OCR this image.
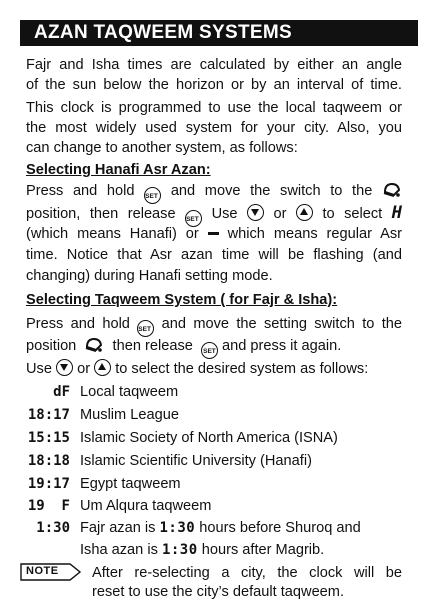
AZAN TAQWEEM SYSTEMS
Fajr and Isha times are calculated by either an angle
of the sun below the horizon or by an interval of time.
This clock is programmed to use the local taqweem or
the most widely used system for your city. Also, you
can change to another system, as follows:
Selecting Hanafi Asr Azan:
Press and hold SET and move the switch to the
position, then release SET Use or to select H
(which means Hanafi) or which means regular Asr
time. Notice that Asr azan time will be flashing (and
changing) during Hanafi setting mode.
Selecting Taqweem System ( for Fajr & Isha):
Press and hold SET and move the setting switch to the
position then release SET and press it again.
Use or to select the desired system as follows:
dF Local taqweem
18:17 Muslim League
15:15 Islamic Society of North America (ISNA)
18:18 Islamic Scientific University (Hanafi)
19:17 Egypt taqweem
19  F Um Alqura taqweem
1:30 Fajr azan is 1:30 hours before Shuroq and
Isha azan is 1:30 hours after Magrib.
NOTE After re-selecting a city, the clock will be
reset to use the city’s default taqweem.
